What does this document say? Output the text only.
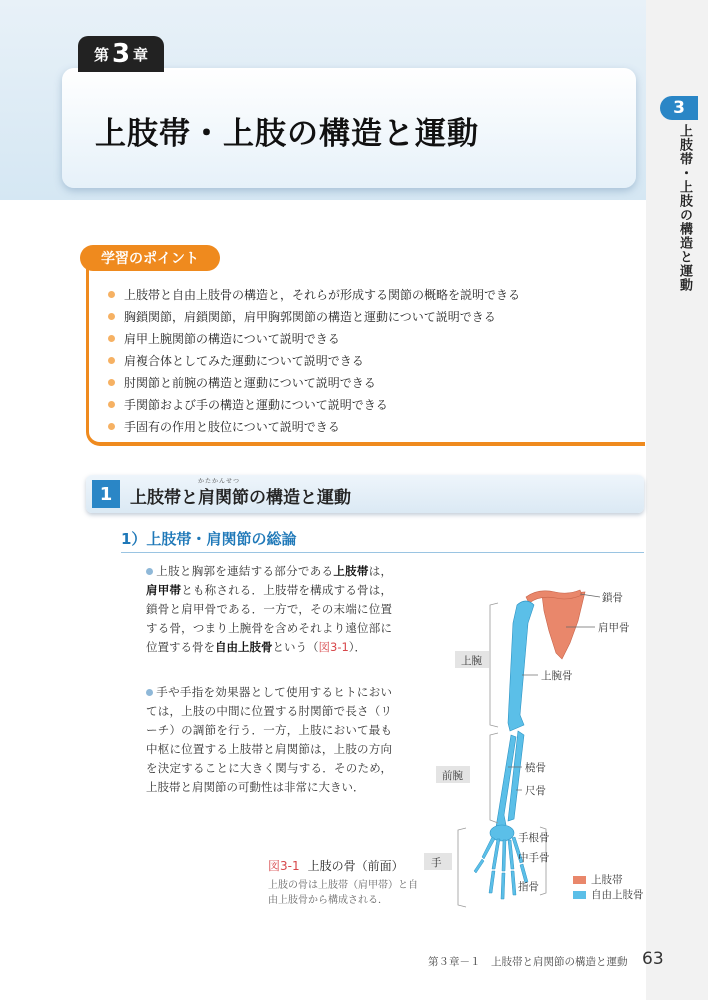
第 3 章
上肢帯・上肢の構造と運動
3
上肢帯・上肢の構造と運動
学習のポイント
上肢帯と自由上肢骨の構造と，それらが形成する関節の概略を説明できる
胸鎖関節，肩鎖関節，肩甲胸郭関節の構造と運動について説明できる
肩甲上腕関節の構造について説明できる
肩複合体としてみた運動について説明できる
肘関節と前腕の構造と運動について説明できる
手関節および手の構造と運動について説明できる
手固有の作用と肢位について説明できる
1
かたかんせつ
上肢帯と肩関節の構造と運動
1）上肢帯・肩関節の総論

上肢と胸郭を連結する部分である上肢帯は，肩甲帯とも称される．上肢帯を構成する骨は，鎖骨と肩甲骨である．一方で，その末端に位置する骨，つまり上腕骨を含めそれより遠位部に位置する骨を自由上肢骨という（図3-1）．

手や手指を効果器として使用するヒトにおいては，上肢の中間に位置する肘関節で長さ（リーチ）の調節を行う．一方，上肢において最も中枢に位置する上肢帯と肩関節は，上肢の方向を決定することに大きく関与する．そのため，上肢帯と肩関節の可動性は非常に大きい．

上腕
前腕
手
鎖骨
肩甲骨
上腕骨
橈骨
尺骨
手根骨
中手骨
指骨
上肢帯
自由上肢骨
図3-1 上肢の骨（前面）
上肢の骨は上肢帯（肩甲帯）と自由上肢骨から構成される．
第３章－１　上肢帯と肩関節の構造と運動 63
